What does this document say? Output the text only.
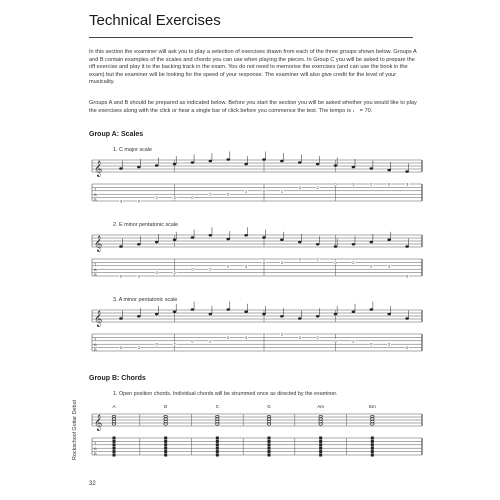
Technical Exercises

In this section the examiner will ask you to play a selection of exercises drawn from each of the three groups shown below. Groups A and B contain examples of the scales and chords you can use when playing the pieces. In Group C you will be asked to prepare the riff exercise and play it to the backing track in the exam. You do not need to memorise the exercises (and can use the book in the exam) but the examiner will be looking for the speed of your response. The examiner will also give credit for the level of your musicality.

Groups A and B should be prepared as indicated below. Before you start the section you will be asked whether you would like to play the exercises along with the click or hear a single bar of click before you commence the test. The tempo is ♩ = 70.

Group A: Scales
1. C major scale
𝄞
T
A
B	3	0
2	3	0
2	0
1	0	1
0	2
0	3	2	0	3
2. E minor pentatonic scale
𝄞
T
A
B	0	3
0	2
0	2
0	3
0	3
0	2
0	2
0	3
0
3. A minor pentatonic scale
𝄞
T
A
B	0	3
0	2
0	2
0	3
0	3
0	2
0	2
0	3
0
Group B: Chords
1. Open position chords. Individual chords will be strummed once as directed by the examiner.
𝄞
T
A
B
A	D	C	G	Am	Em
Rockschool Guitar Debut
32
